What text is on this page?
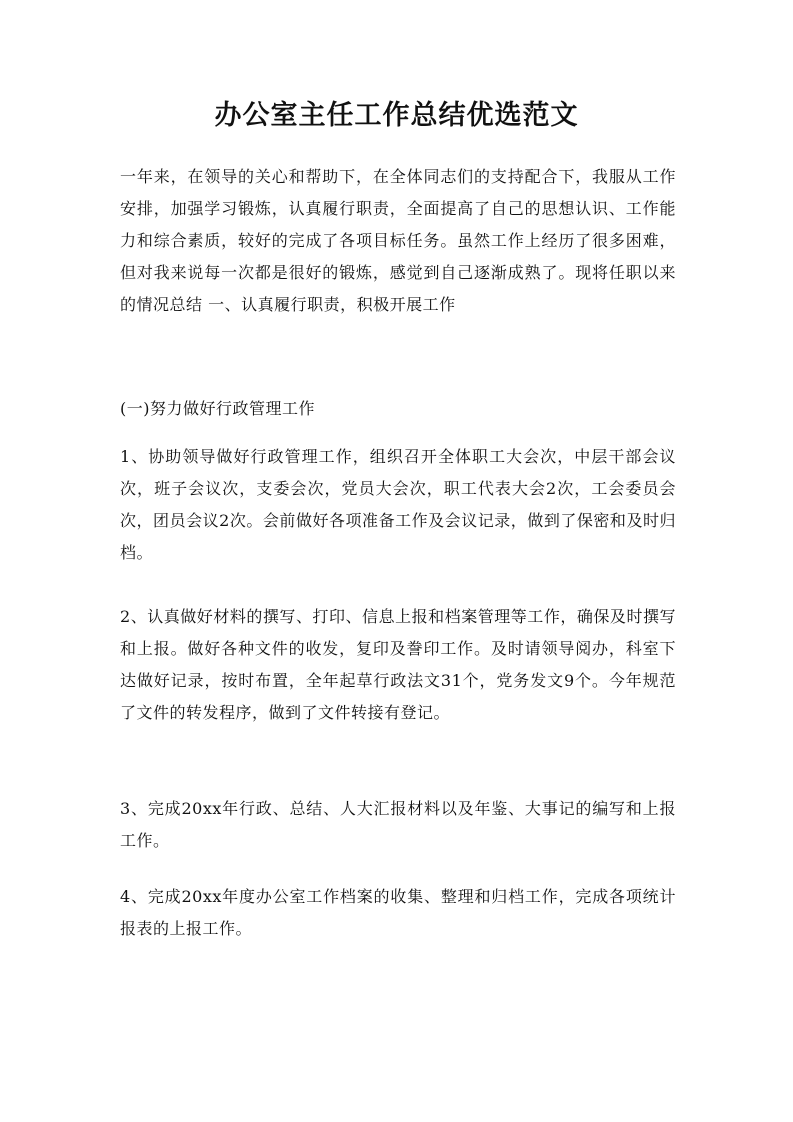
办公室主任工作总结优选范文

一年来，在领导的关心和帮助下，在全体同志们的支持配合下，我服从工作安排，加强学习锻炼，认真履行职责，全面提高了自己的思想认识、工作能力和综合素质，较好的完成了各项目标任务。虽然工作上经历了很多困难，但对我来说每一次都是很好的锻炼，感觉到自己逐渐成熟了。现将任职以来的情况总结 一、认真履行职责，积极开展工作

(一)努力做好行政管理工作

1、协助领导做好行政管理工作，组织召开全体职工大会次，中层干部会议次，班子会议次，支委会次，党员大会次，职工代表大会2次，工会委员会次，团员会议2次。会前做好各项准备工作及会议记录，做到了保密和及时归档。

2、认真做好材料的撰写、打印、信息上报和档案管理等工作，确保及时撰写和上报。做好各种文件的收发，复印及誊印工作。及时请领导阅办，科室下达做好记录，按时布置，全年起草行政法文31个，党务发文9个。今年规范了文件的转发程序，做到了文件转接有登记。

3、完成20xx年行政、总结、人大汇报材料以及年鉴、大事记的编写和上报工作。

4、完成20xx年度办公室工作档案的收集、整理和归档工作，完成各项统计报表的上报工作。
